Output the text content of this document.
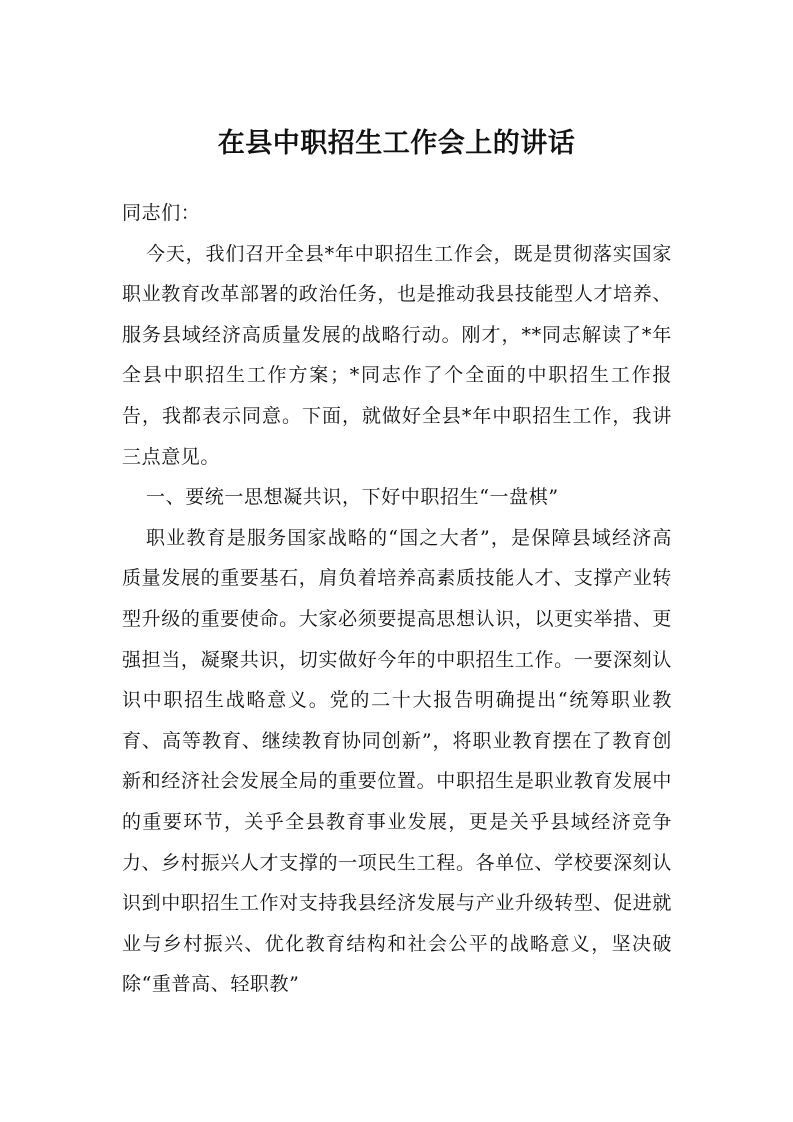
在县中职招生工作会上的讲话

同志们：

今天，我们召开全县*年中职招生工作会，既是贯彻落实国家职业教育改革部署的政治任务，也是推动我县技能型人才培养、服务县域经济高质量发展的战略行动。刚才，**同志解读了*年全县中职招生工作方案；*同志作了个全面的中职招生工作报告，我都表示同意。下面，就做好全县*年中职招生工作，我讲三点意见。

一、要统一思想凝共识，下好中职招生“一盘棋”

职业教育是服务国家战略的“国之大者”，是保障县域经济高质量发展的重要基石，肩负着培养高素质技能人才、支撑产业转型升级的重要使命。大家必须要提高思想认识，以更实举措、更强担当，凝聚共识，切实做好今年的中职招生工作。一要深刻认识中职招生战略意义。党的二十大报告明确提出“统筹职业教育、高等教育、继续教育协同创新”，将职业教育摆在了教育创新和经济社会发展全局的重要位置。中职招生是职业教育发展中的重要环节，关乎全县教育事业发展，更是关乎县域经济竞争力、乡村振兴人才支撑的一项民生工程。各单位、学校要深刻认识到中职招生工作对支持我县经济发展与产业升级转型、促进就业与乡村振兴、优化教育结构和社会公平的战略意义，坚决破除“重普高、轻职教”
